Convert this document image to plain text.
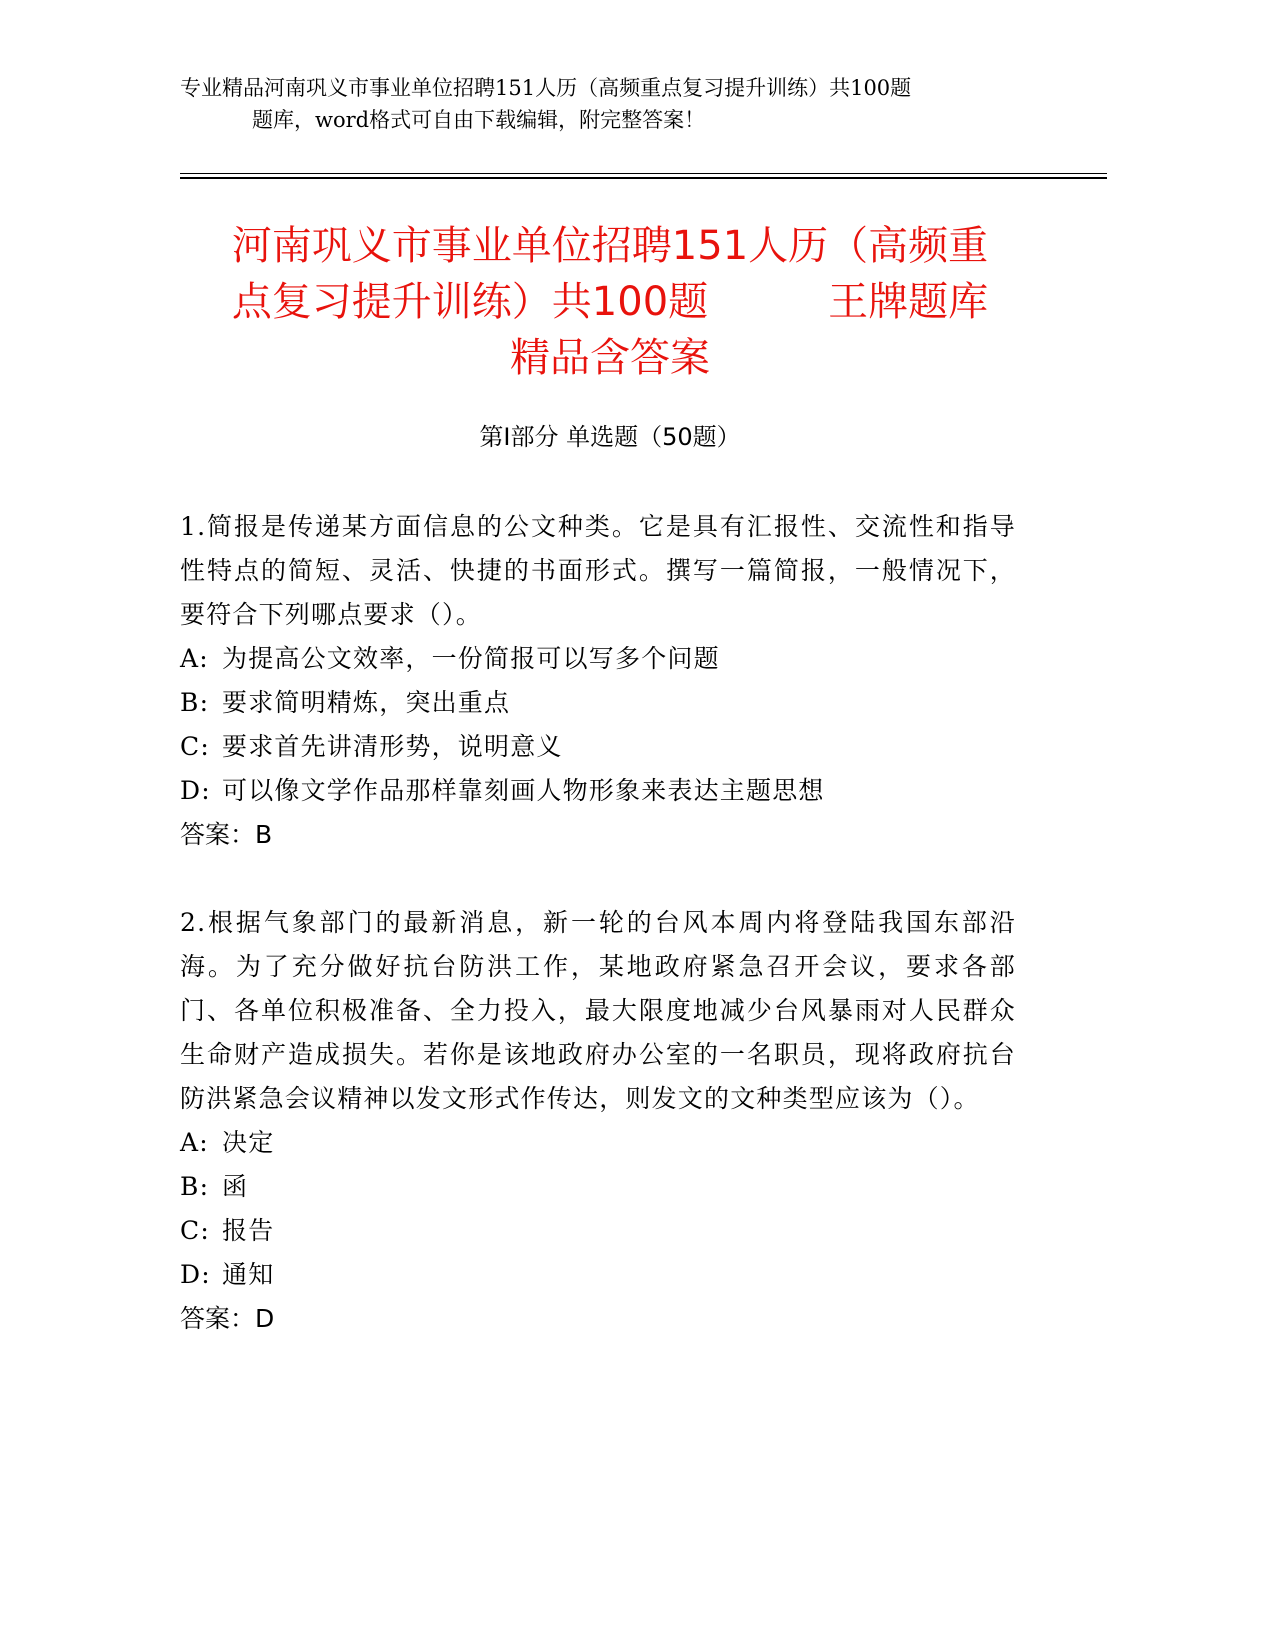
专业精品河南巩义市事业单位招聘151人历（高频重点复习提升训练）共100题
题库，word格式可自由下载编辑，附完整答案！
河南巩义市事业单位招聘151人历（高频重
点复习提升训练）共100题	王牌题库
精品含答案
第I部分 单选题（50题）

1.简报是传递某方面信息的公文种类。它是具有汇报性、交流性和指导性特点的简短、灵活、快捷的书面形式。撰写一篇简报，一般情况下，要符合下列哪点要求（）。

A: 为提高公文效率，一份简报可以写多个问题

B: 要求简明精炼，突出重点

C: 要求首先讲清形势，说明意义

D: 可以像文学作品那样靠刻画人物形象来表达主题思想

答案：B

2.根据气象部门的最新消息，新一轮的台风本周内将登陆我国东部沿海。为了充分做好抗台防洪工作，某地政府紧急召开会议，要求各部门、各单位积极准备、全力投入，最大限度地减少台风暴雨对人民群众生命财产造成损失。若你是该地政府办公室的一名职员，现将政府抗台防洪紧急会议精神以发文形式作传达，则发文的文种类型应该为（）。

A: 决定

B: 函

C: 报告

D: 通知

答案：D
